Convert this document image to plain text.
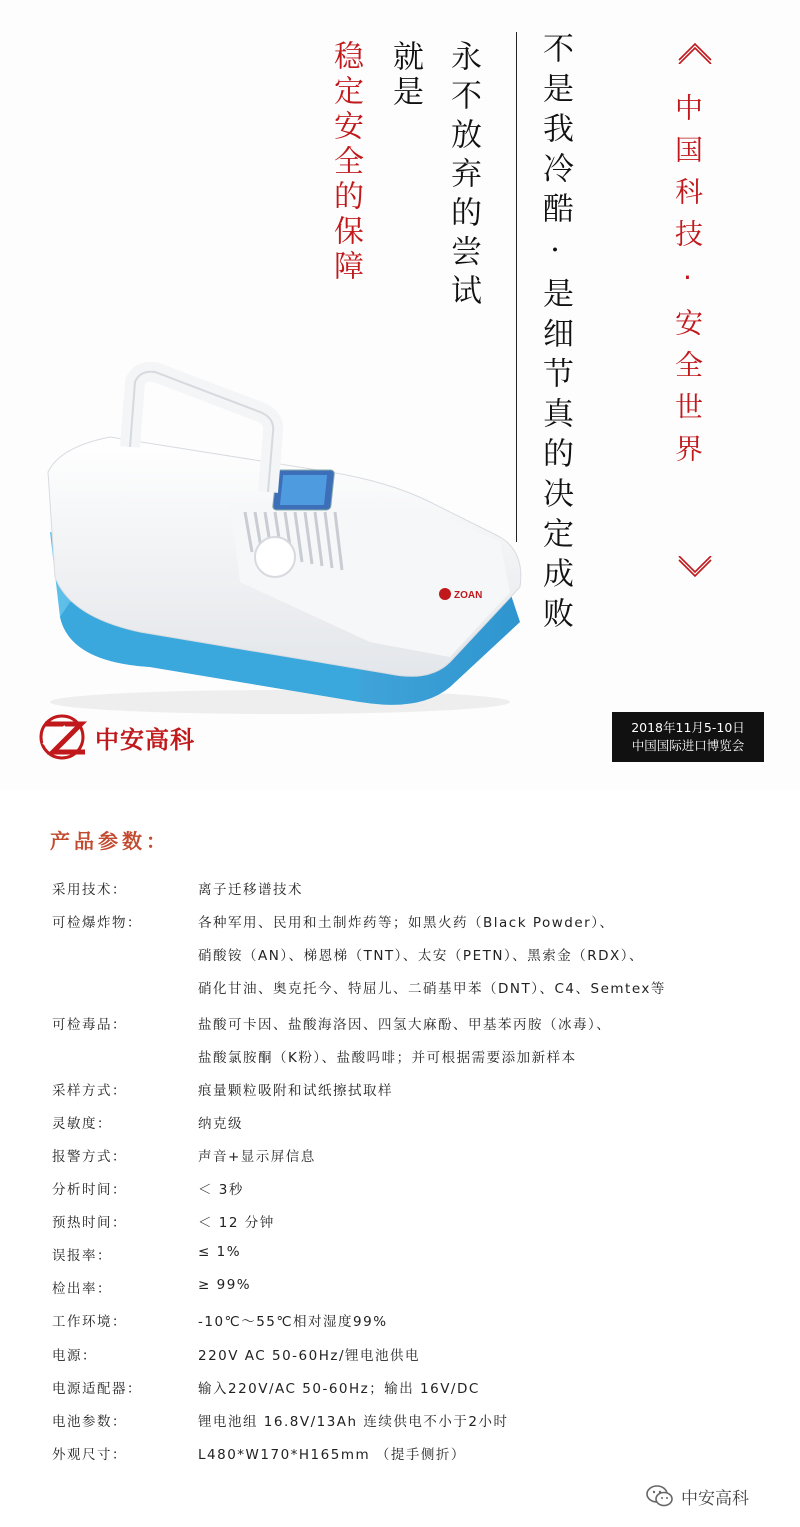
稳定安全的保障 就是 永不放弃的尝试 不是我冷酷·是细节真的决定成败	中国科技·安全世界
ZOAN
中安高科	2018年11月5-10日
中国国际进口博览会
产品参数：
采用技术：	离子迁移谱技术
可检爆炸物：	各种军用、民用和土制炸药等；如黑火药（Black Powder）、
硝酸铵（AN）、梯恩梯（TNT）、太安（PETN）、黑索金（RDX）、
硝化甘油、奥克托今、特屈儿、二硝基甲苯（DNT）、C4、Semtex等
可检毒品：	盐酸可卡因、盐酸海洛因、四氢大麻酚、甲基苯丙胺（冰毒）、
盐酸氯胺酮（K粉）、盐酸吗啡；并可根据需要添加新样本
采样方式：	痕量颗粒吸附和试纸擦拭取样
灵敏度：	纳克级
报警方式：	声音+显示屏信息
分析时间：	＜ 3秒
预热时间：	＜ 12 分钟
误报率：	≤ 1%
检出率：	≥ 99%
工作环境：	-10℃～55℃相对湿度99%
电源：	220V AC 50-60Hz/锂电池供电
电源适配器：	输入220V/AC 50-60Hz；输出 16V/DC
电池参数：	锂电池组 16.8V/13Ah 连续供电不小于2小时
外观尺寸：	L480*W170*H165mm （提手侧折）
中安高科
